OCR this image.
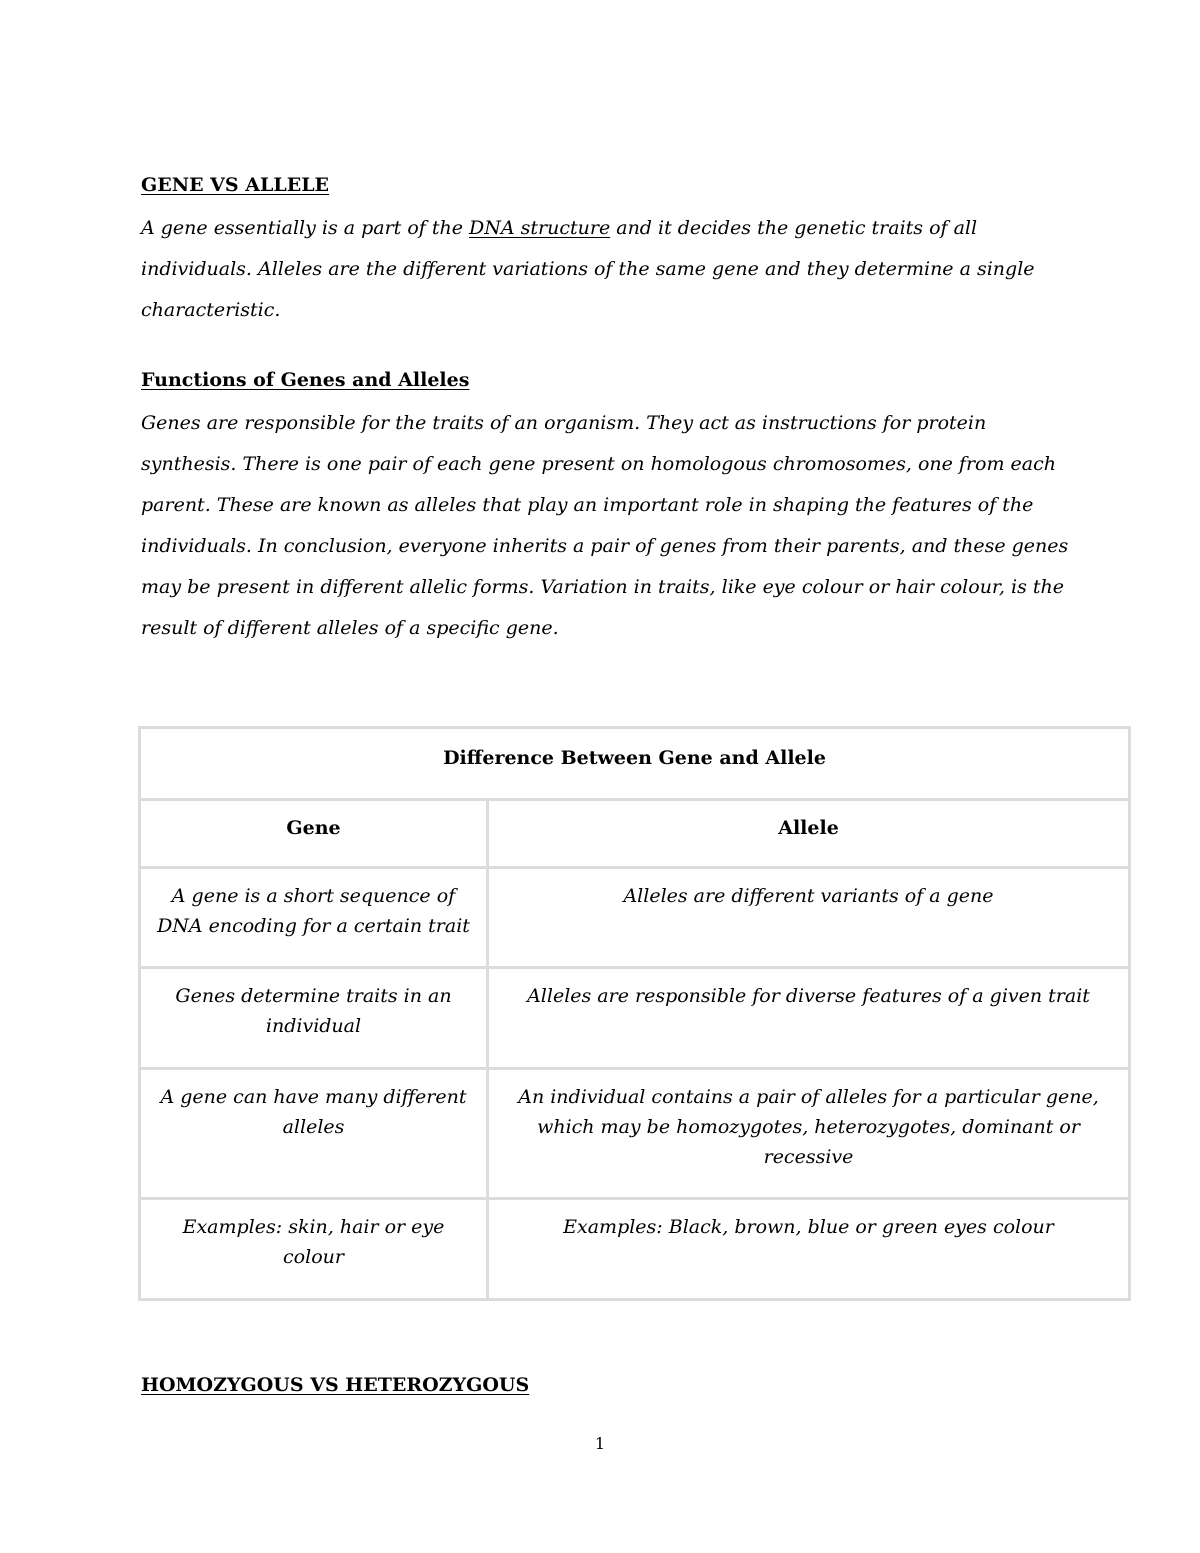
GENE VS ALLELE

A gene essentially is a part of the DNA structure and it decides the genetic traits of all individuals. Alleles are the different variations of the same gene and they determine a single characteristic.

Functions of Genes and Alleles

Genes are responsible for the traits of an organism. They act as instructions for protein synthesis. There is one pair of each gene present on homologous chromosomes, one from each parent. These are known as alleles that play an important role in shaping the features of the individuals. In conclusion, everyone inherits a pair of genes from their parents, and these genes may be present in different allelic forms. Variation in traits, like eye colour or hair colour, is the result of different alleles of a specific gene.

Difference Between Gene and Allele	
Gene	Allele
A gene is a short sequence of DNA encoding for a certain trait	Alleles are different variants of a gene
Genes determine traits in an individual	Alleles are responsible for diverse features of a given trait
A gene can have many different alleles	An individual contains a pair of alleles for a particular gene, which may be homozygotes, heterozygotes, dominant or recessive
Examples: skin, hair or eye colour	Examples: Black, brown, blue or green eyes colour
HOMOZYGOUS VS HETEROZYGOUS
1
